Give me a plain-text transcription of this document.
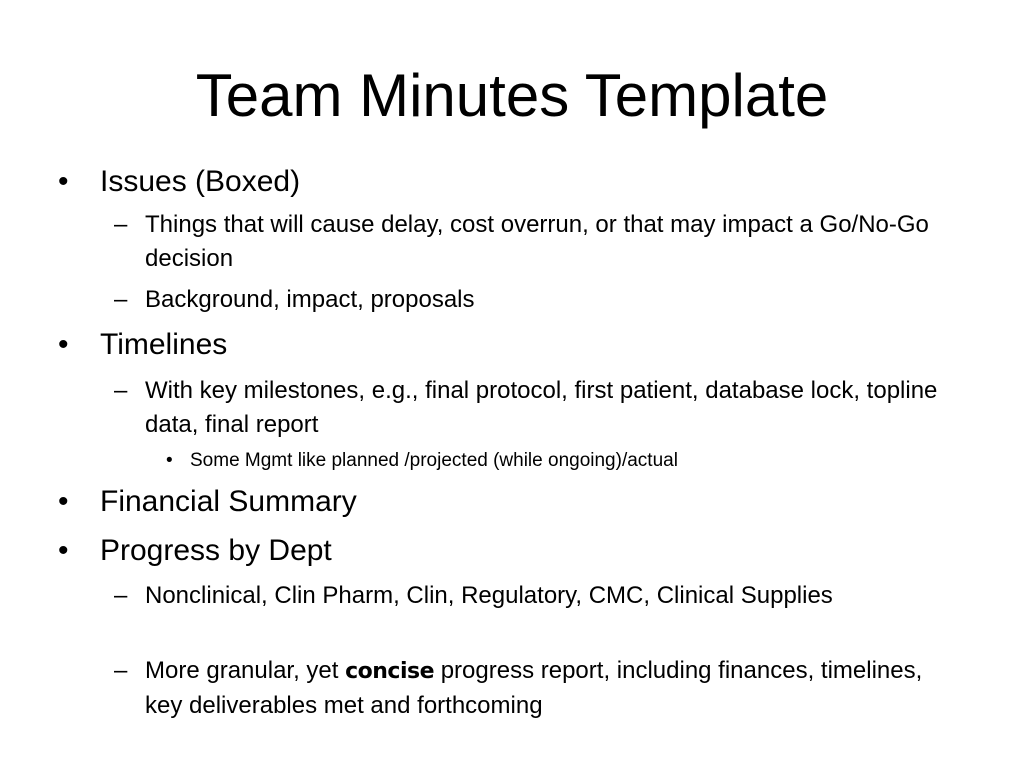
Team Minutes Template
• Issues (Boxed)
– Things that will cause delay, cost overrun, or that may impact a Go/No-Go decision
– Background, impact, proposals
• Timelines
– With key milestones, e.g., final protocol, first patient, database lock, topline data, final report
• Some Mgmt like planned /projected (while ongoing)/actual
• Financial Summary
• Progress by Dept
– Nonclinical, Clin Pharm, Clin, Regulatory, CMC, Clinical Supplies
– More granular, yet concise progress report, including finances, timelines, key deliverables met and forthcoming
